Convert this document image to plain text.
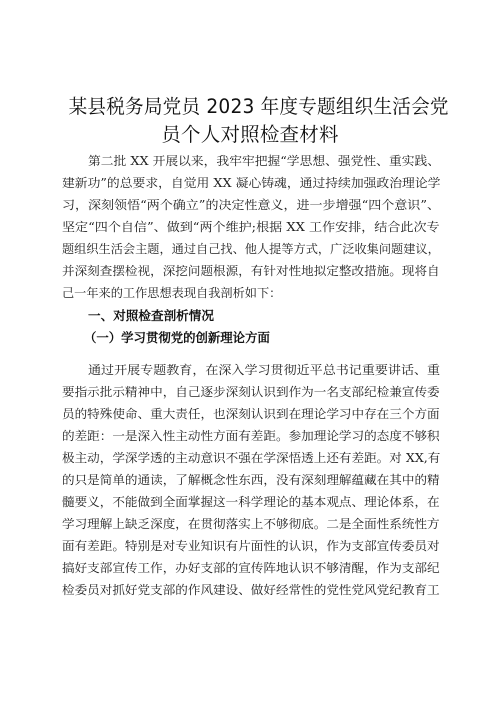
某县税务局党员 2023 年度专题组织生活会党
员个人对照检查材料

第二批 XX 开展以来，我牢牢把握“学思想、强党性、重实践、

建新功”的总要求，自觉用 XX 凝心铸魂，通过持续加强政治理论学

习，深刻领悟“两个确立”的决定性意义，进一步增强“四个意识”、

坚定“四个自信”、做到“两个维护;根据 XX 工作安排，结合此次专

题组织生活会主题，通过自己找、他人提等方式，广泛收集问题建议，

并深刻查摆检视，深挖问题根源，有针对性地拟定整改措施。现将自

己一年来的工作思想表现自我剖析如下：

一、对照检查剖析情况

（一）学习贯彻党的创新理论方面

通过开展专题教育，在深入学习贯彻近平总书记重要讲话、重

要指示批示精神中，自己逐步深刻认识到作为一名支部纪检兼宣传委

员的特殊使命、重大责任，也深刻认识到在理论学习中存在三个方面

的差距：一是深入性主动性方面有差距。参加理论学习的态度不够积

极主动，学深学透的主动意识不强在学深悟透上还有差距。对 XX,有

的只是简单的通读，了解概念性东西，没有深刻理解蕴藏在其中的精

髓要义，不能做到全面掌握这一科学理论的基本观点、理论体系，在

学习理解上缺乏深度，在贯彻落实上不够彻底。二是全面性系统性方

面有差距。特别是对专业知识有片面性的认识，作为支部宣传委员对

搞好支部宣传工作，办好支部的宣传阵地认识不够清醒，作为支部纪

检委员对抓好党支部的作风建设、做好经常性的党性党风党纪教育工
